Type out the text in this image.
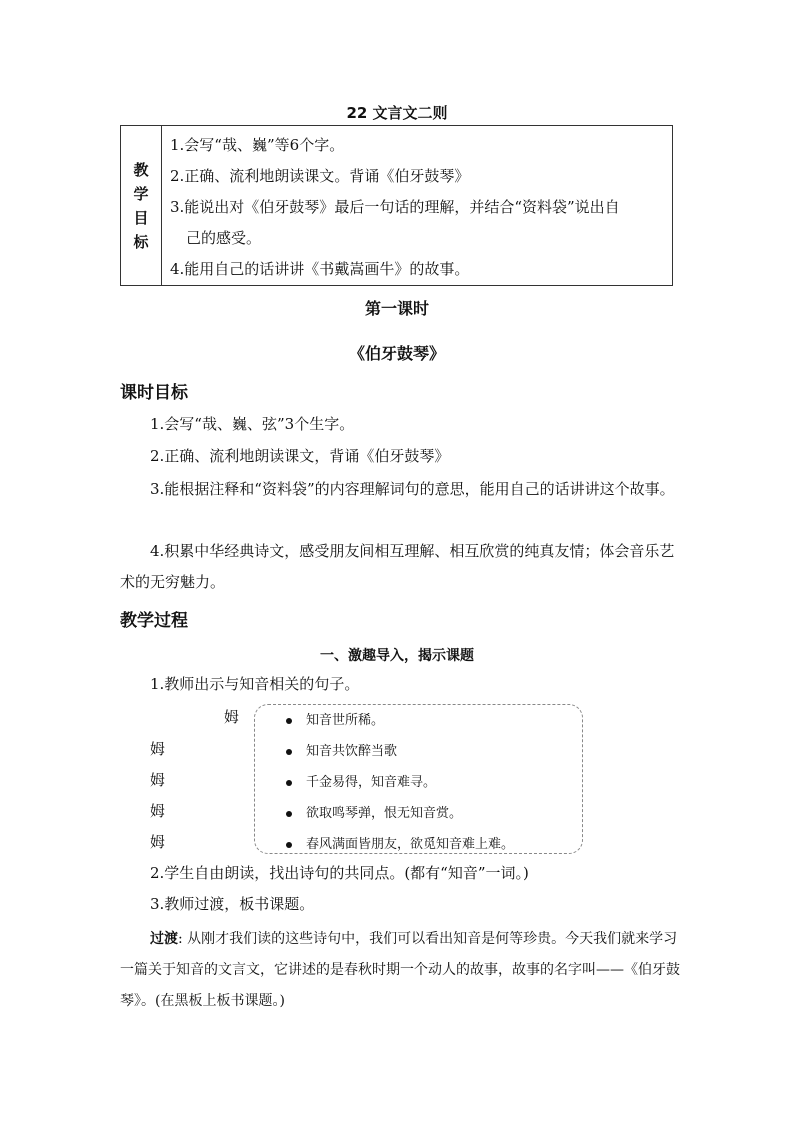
22 文言文二则
教
学
目
标

1.会写“哉、巍”等6个字。

2.正确、流利地朗读课文。背诵《伯牙鼓琴》

3.能说出对《伯牙鼓琴》最后一句话的理解，并结合“资料袋”说出自

己的感受。

4.能用自己的话讲讲《书戴嵩画牛》的故事。

第一课时
《伯牙鼓琴》
课时目标
1.会写“哉、巍、弦”3个生字。
2.正确、流利地朗读课文，背诵《伯牙鼓琴》
3.能根据注释和“资料袋”的内容理解词句的意思，能用自己的话讲讲这个故事。
4.积累中华经典诗文，感受朋友间相互理解、相互欣赏的纯真友情；体会音乐艺术的无穷魅力。
教学过程
一、激趣导入，揭示课题
1.教师出示与知音相关的句子。
姆
姆
姆
姆
姆
知音世所稀。
知音共饮醉当歌
千金易得，知音难寻。
欲取鸣琴弹，恨无知音赏。
春风满面皆朋友，欲觅知音难上难。
2.学生自由朗读，找出诗句的共同点。(都有“知音”一词。)
3.教师过渡，板书课题。
过渡: 从刚才我们读的这些诗句中，我们可以看出知音是何等珍贵。今天我们就来学习一篇关于知音的文言文，它讲述的是春秋时期一个动人的故事，故事的名字叫——《伯牙鼓琴》。(在黑板上板书课题。)
